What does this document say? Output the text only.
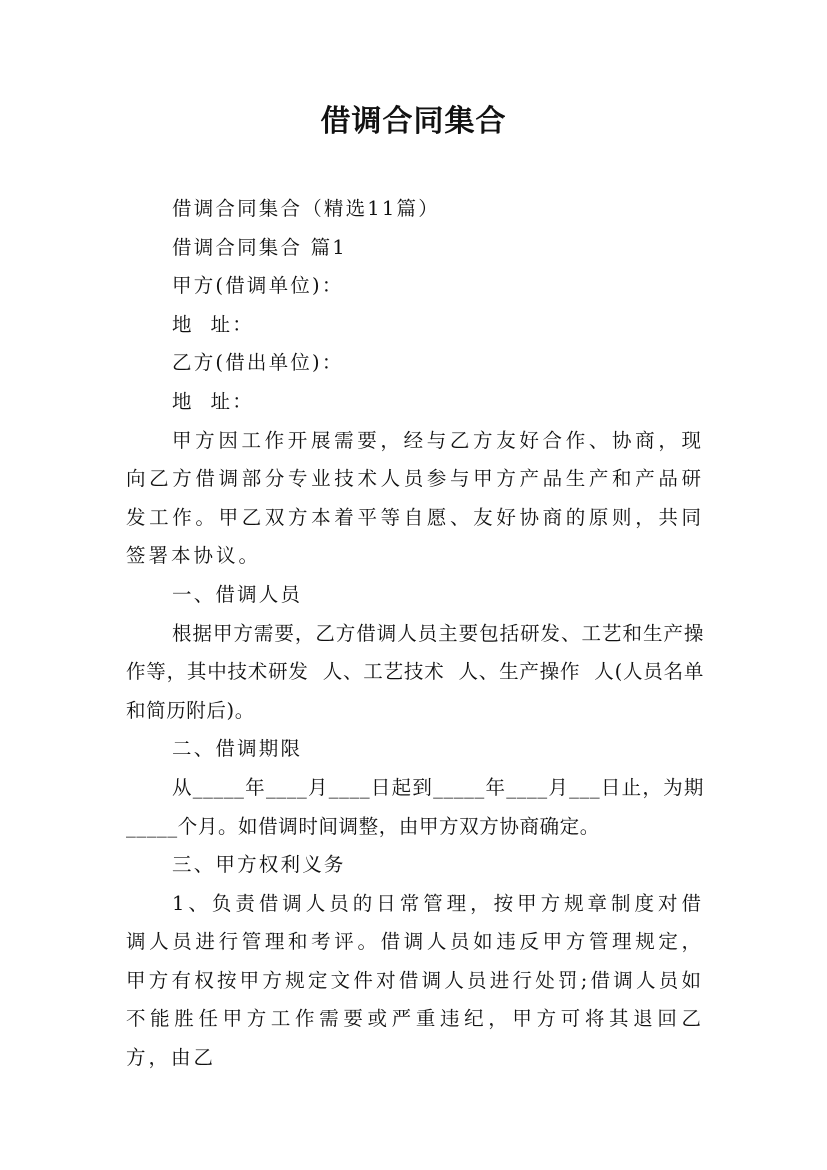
借调合同集合
借调合同集合（精选11篇）
借调合同集合 篇1
甲方(借调单位)：
地  址：
乙方(借出单位)：
地  址：
甲方因工作开展需要，经与乙方友好合作、协商，现向乙方借调部分专业技术人员参与甲方产品生产和产品研发工作。甲乙双方本着平等自愿、友好协商的原则，共同签署本协议。
一、借调人员
根据甲方需要，乙方借调人员主要包括研发、工艺和生产操作等，其中技术研发  人、工艺技术  人、生产操作  人(人员名单和简历附后)。
二、借调期限
从_____年____月____日起到_____年____月___日止，为期_____个月。如借调时间调整，由甲方双方协商确定。
三、甲方权利义务
1、负责借调人员的日常管理，按甲方规章制度对借调人员进行管理和考评。借调人员如违反甲方管理规定，甲方有权按甲方规定文件对借调人员进行处罚;借调人员如不能胜任甲方工作需要或严重违纪，甲方可将其退回乙方，由乙
